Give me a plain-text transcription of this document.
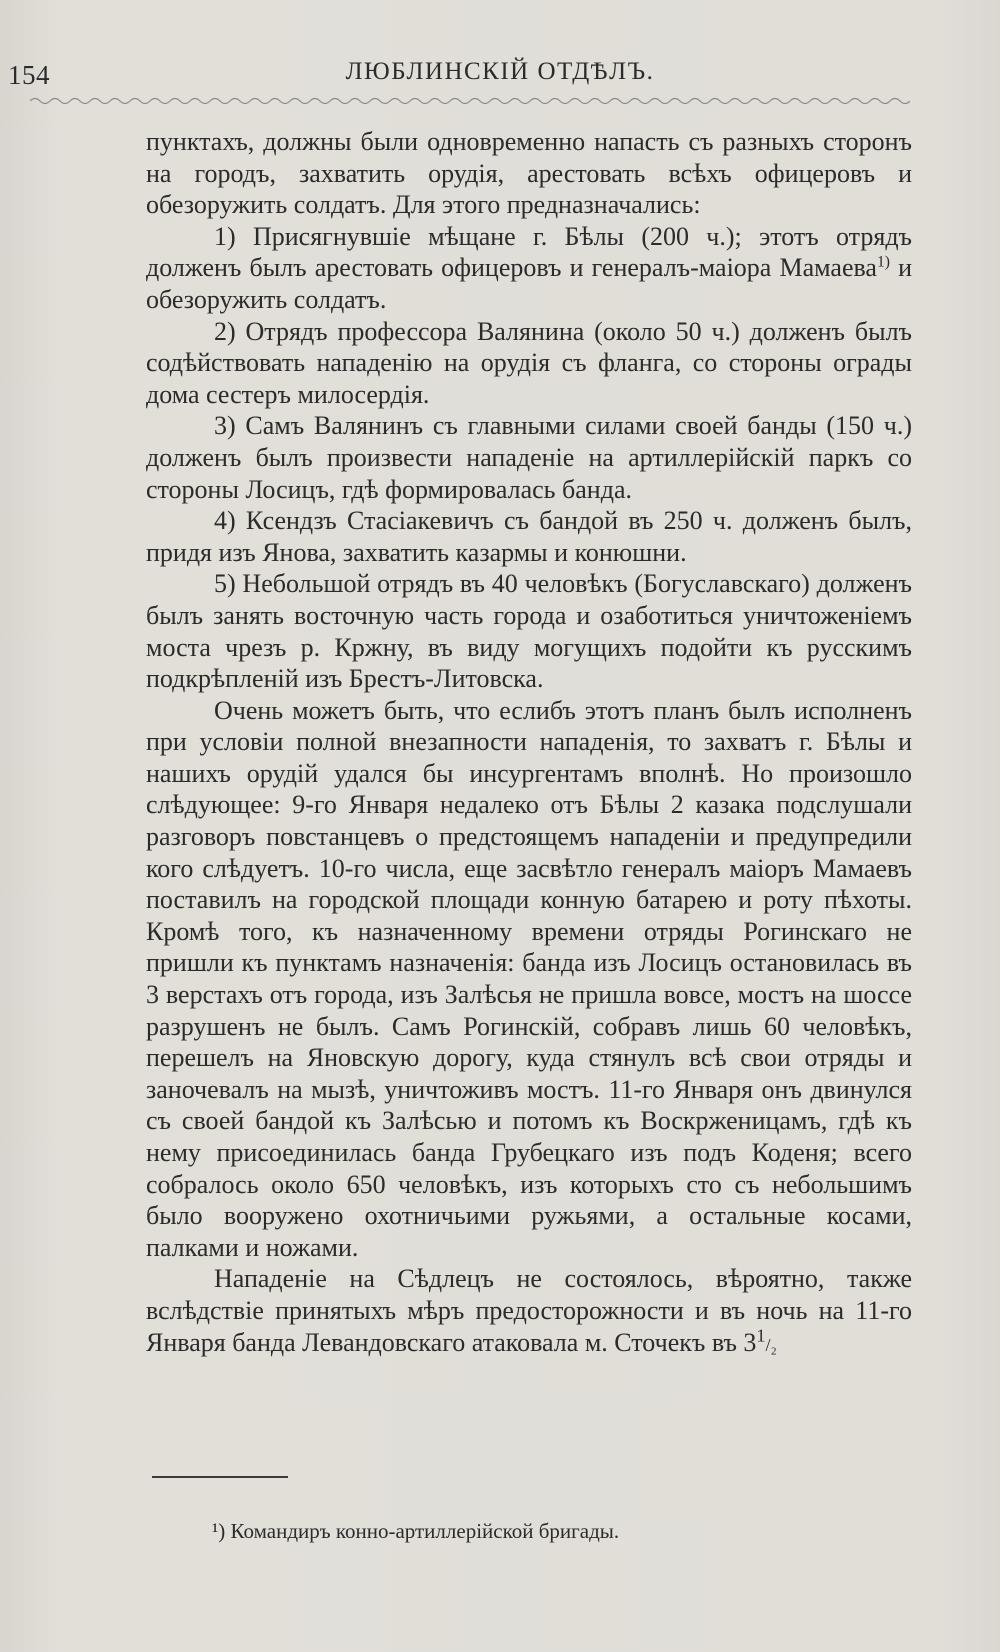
154	ЛЮБЛИНСКІЙ ОТДѢЛЪ.

пунктахъ, должны были одновременно напасть съ разныхъ сторонъ на городъ, захватить орудія, арестовать всѣхъ офицеровъ и обезоружить солдатъ. Для этого предназначались:

1) Присягнувшіе мѣщане г. Бѣлы (200 ч.); этотъ отрядъ долженъ былъ арестовать офицеровъ и генералъ-маіора Мамаева$^{1)}$ и обезоружить солдатъ.

2) Отрядъ профессора Валянина (около 50 ч.) долженъ былъ содѣйствовать нападенію на орудія съ фланга, со стороны ограды дома сестеръ милосердія.

3) Самъ Валянинъ съ главными силами своей банды (150 ч.) долженъ былъ произвести нападеніе на артиллерійскій паркъ со стороны Лосицъ, гдѣ формировалась банда.

4) Ксендзъ Стасіакевичъ съ бандой въ 250 ч. долженъ былъ, придя изъ Янова, захватить казармы и конюшни.

5) Небольшой отрядъ въ 40 человѣкъ (Богуславскаго) долженъ былъ занять восточную часть города и озаботиться уничтоженіемъ моста чрезъ р. Кржну, въ виду могущихъ подойти къ русскимъ подкрѣпленій изъ Брестъ-Литовска.

Очень можетъ быть, что еслибъ этотъ планъ былъ исполненъ при условіи полной внезапности нападенія, то захватъ г. Бѣлы и нашихъ орудій удался бы инсургентамъ вполнѣ. Но произошло слѣдующее: 9-го Января недалеко отъ Бѣлы 2 казака подслушали разговоръ повстанцевъ о предстоящемъ нападеніи и предупредили кого слѣдуетъ. 10-го числа, еще засвѣтло генералъ маіоръ Мамаевъ поставилъ на городской площади конную батарею и роту пѣхоты. Кромѣ того, къ назначенному времени отряды Рогинскаго не пришли къ пунктамъ назначенія: банда изъ Лосицъ остановилась въ 3 верстахъ отъ города, изъ Залѣсья не пришла вовсе, мостъ на шоссе разрушенъ не былъ. Самъ Рогинскій, собравъ лишь 60 человѣкъ, перешелъ на Яновскую дорогу, куда стянулъ всѣ свои отряды и заночевалъ на мызѣ, уничтоживъ мостъ. 11-го Января онъ двинулся съ своей бандой къ Залѣсью и потомъ къ Воскрженицамъ, гдѣ къ нему присоединилась банда Грубецкаго изъ подъ Коденя; всего собралось около 650 человѣкъ, изъ которыхъ сто съ небольшимъ было вооружено охотничьими ружьями, а остальные косами, палками и ножами.

Нападеніе на Сѣдлецъ не состоялось, вѣроятно, также вслѣдствіе принятыхъ мѣръ предосторожности и въ ночь на 11-го Января банда Левандовскаго атаковала м. Сточекъ въ $3^1/_2$

¹) Командиръ конно-артиллерійской бригады.
